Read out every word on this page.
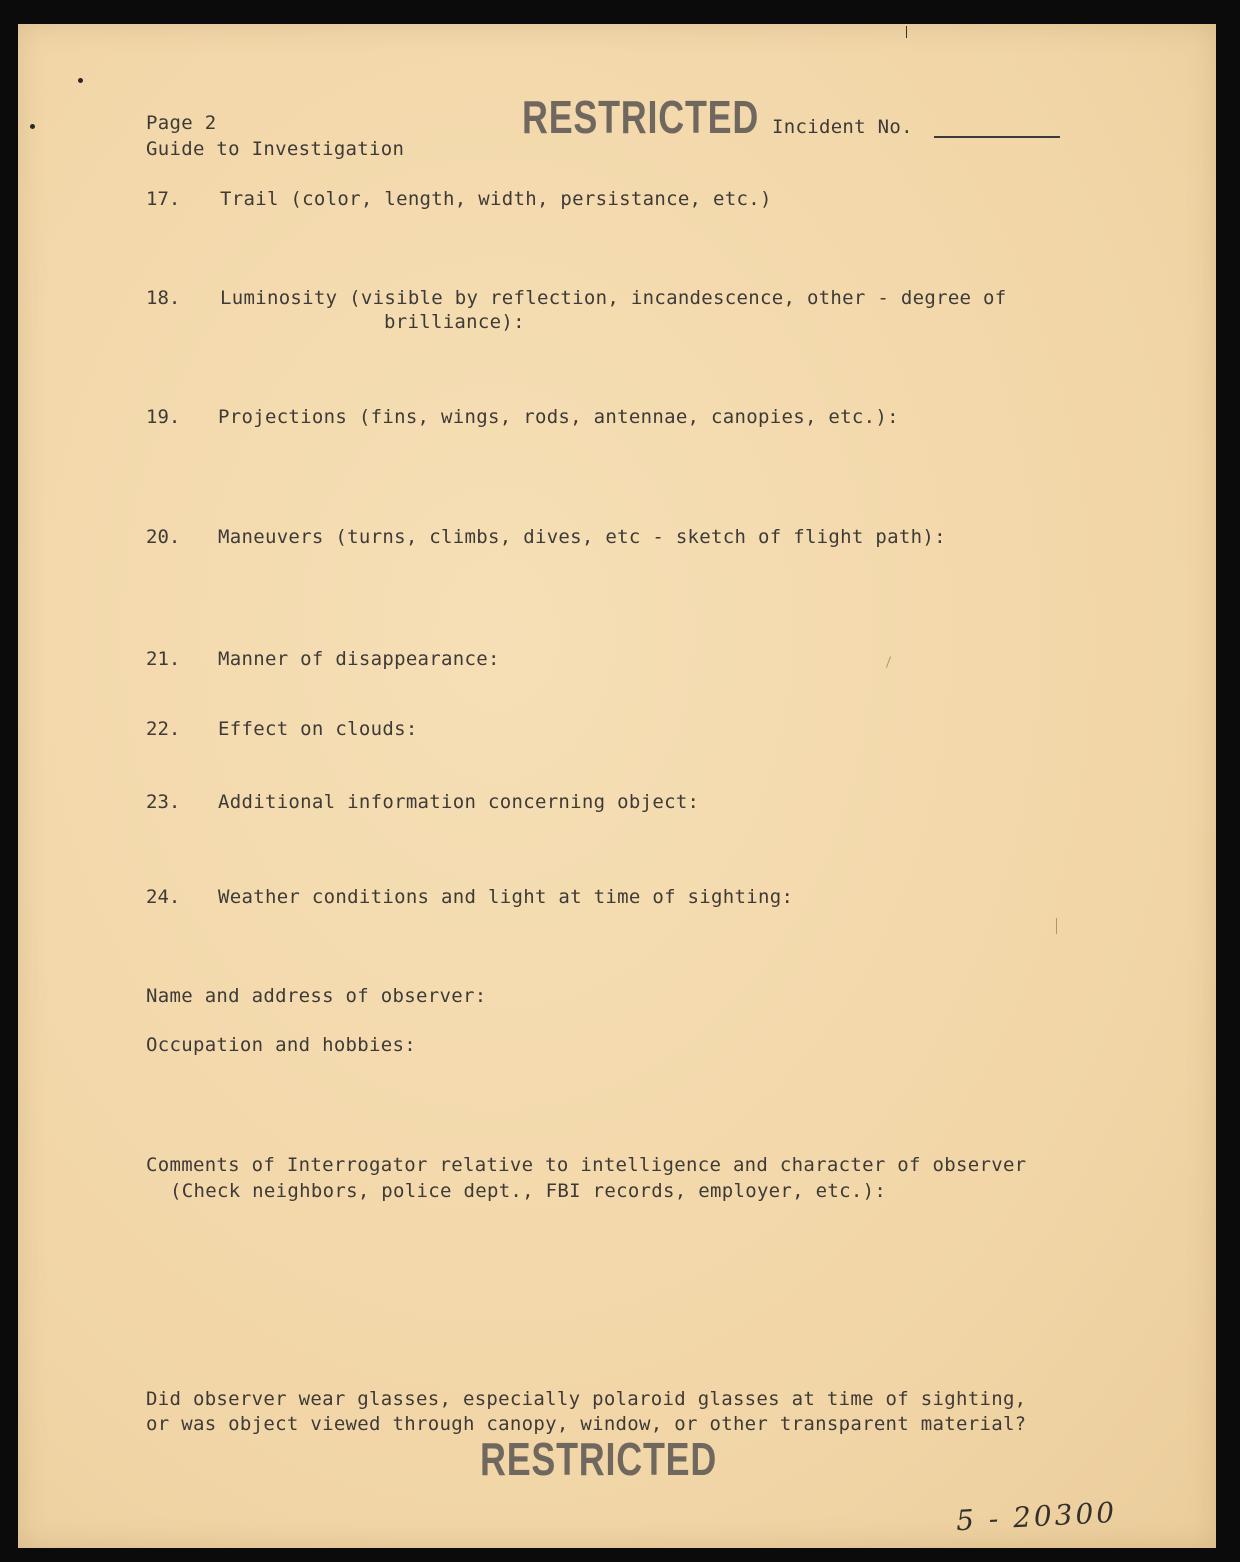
Page 2
Guide to Investigation
RESTRICTED Incident No.
17. Trail (color, length, width, persistance, etc.)
18. Luminosity (visible by reflection, incandescence, other - degree of
brilliance):
19. Projections (fins, wings, rods, antennae, canopies, etc.):
20. Maneuvers (turns, climbs, dives, etc - sketch of flight path):
21. Manner of disappearance:
22. Effect on clouds:
23. Additional information concerning object:
24. Weather conditions and light at time of sighting:
Name and address of observer:
Occupation and hobbies:
Comments of Interrogator relative to intelligence and character of observer
(Check neighbors, police dept., FBI records, employer, etc.):
Did observer wear glasses, especially polaroid glasses at time of sighting,
or was object viewed through canopy, window, or other transparent material?
RESTRICTED
5 - 20300
